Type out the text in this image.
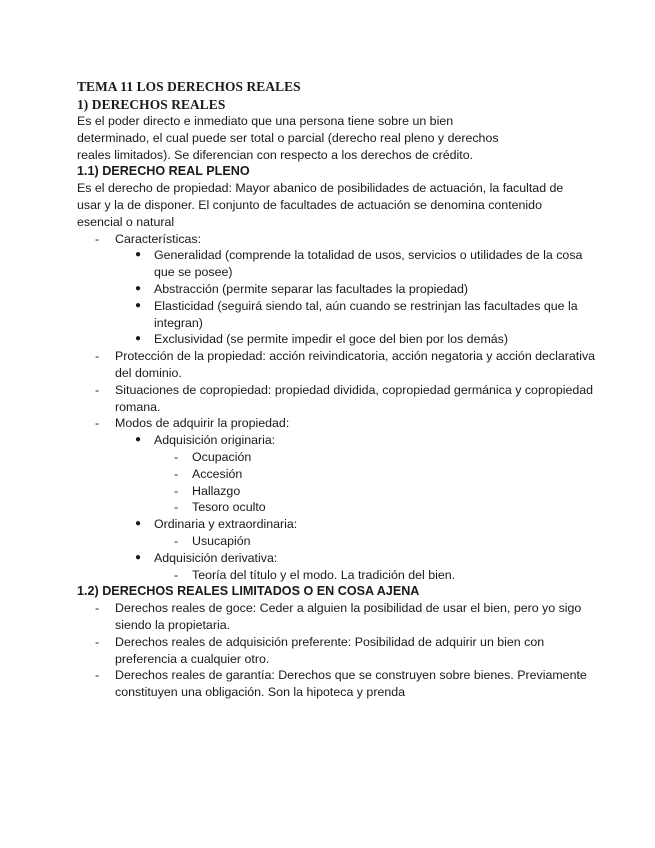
TEMA 11 LOS DERECHOS REALES
1) DERECHOS REALES

Es el poder directo e inmediato que una persona tiene sobre un bien determinado, el cual puede ser total o parcial (derecho real pleno y derechos reales limitados). Se diferencian con respecto a los derechos de crédito.

1.1) DERECHO REAL PLENO

Es el derecho de propiedad: Mayor abanico de posibilidades de actuación, la facultad de usar y la de disponer. El conjunto de facultades de actuación se denomina contenido esencial o natural

- Características:
● Generalidad (comprende la totalidad de usos, servicios o utilidades de la cosa que se posee)
● Abstracción (permite separar las facultades la propiedad)
● Elasticidad (seguirá siendo tal, aún cuando se restrinjan las facultades que la integran)
● Exclusividad (se permite impedir el goce del bien por los demás)
- Protección de la propiedad: acción reivindicatoria, acción negatoria y acción declarativa del dominio.
- Situaciones de copropiedad: propiedad dividida, copropiedad germánica y copropiedad romana.
- Modos de adquirir la propiedad:
● Adquisición originaria:
- Ocupación
- Accesión
- Hallazgo
- Tesoro oculto
● Ordinaria y extraordinaria:
- Usucapión
● Adquisición derivativa:
- Teoría del título y el modo. La tradición del bien.
1.2) DERECHOS REALES LIMITADOS O EN COSA AJENA
- Derechos reales de goce: Ceder a alguien la posibilidad de usar el bien, pero yo sigo siendo la propietaria.
- Derechos reales de adquisición preferente: Posibilidad de adquirir un bien con preferencia a cualquier otro.
- Derechos reales de garantía: Derechos que se construyen sobre bienes. Previamente constituyen una obligación. Son la hipoteca y prenda
